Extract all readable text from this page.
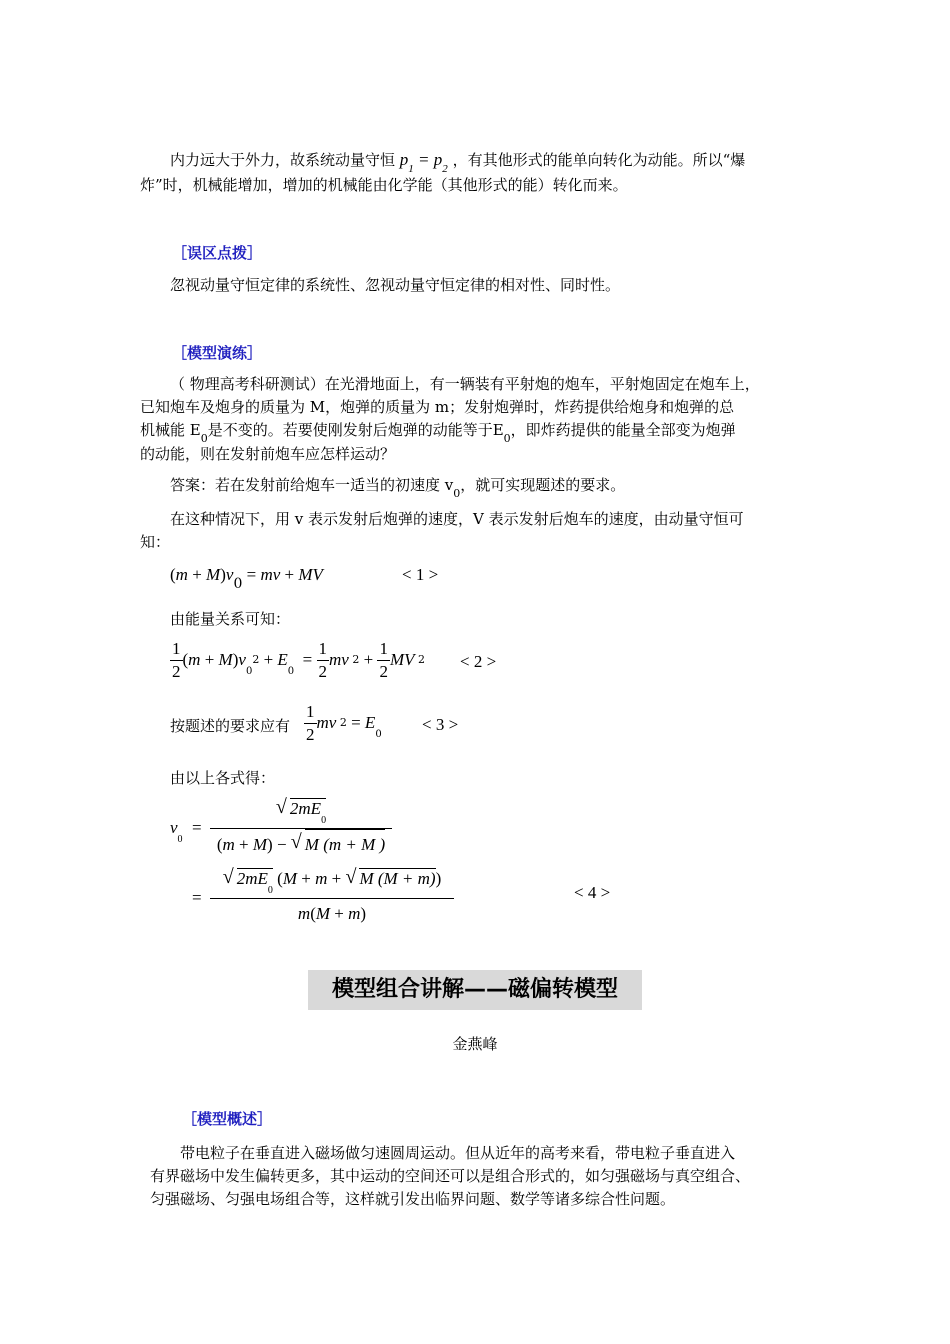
内力远大于外力，故系统动量守恒 $p_1 = p_2$ ，有其他形式的能单向转化为动能。所以“爆
炸”时，机械能增加，增加的机械能由化学能（其他形式的能）转化而来。
［误区点拨］
忽视动量守恒定律的系统性、忽视动量守恒定律的相对性、同时性。
［模型演练］
（ 物理高考科研测试）在光滑地面上，有一辆装有平射炮的炮车，平射炮固定在炮车上，
已知炮车及炮身的质量为 M，炮弹的质量为 m；发射炮弹时，炸药提供给炮身和炮弹的总
机械能 $E_0$是不变的。若要使刚发射后炮弹的动能等于$E_0$，即炸药提供的能量全部变为炮弹
的动能，则在发射前炮车应怎样运动？
答案：若在发射前给炮车一适当的初速度 $v_0$，就可实现题述的要求。
在这种情况下，用 v 表示发射后炮弹的速度，V 表示发射后炮车的速度，由动量守恒可
知：
(m + M)v0 = mv + MV	< 1 >
由能量关系可知：
$\frac{1}{2} (m + M)v_02 + E_0 = \frac{1}{2}$ mv $2 + \frac{1}{2}$ MV 2 < 2 >
按题述的要求应有 $\frac{1}{2}$ mv $2 = E_0$
< 3 >
由以上各式得：
$v_0$
=
√ $2mE_0$
(m + M) − √ M (m + M )
=
√ $2mE_0$ (M + m + √ M (M + m))
m(M + m)
< 4 >
模型组合讲解——磁偏转模型
金燕峰
［模型概述］
带电粒子在垂直进入磁场做匀速圆周运动。但从近年的高考来看，带电粒子垂直进入
有界磁场中发生偏转更多，其中运动的空间还可以是组合形式的，如匀强磁场与真空组合、
匀强磁场、匀强电场组合等，这样就引发出临界问题、数学等诸多综合性问题。
